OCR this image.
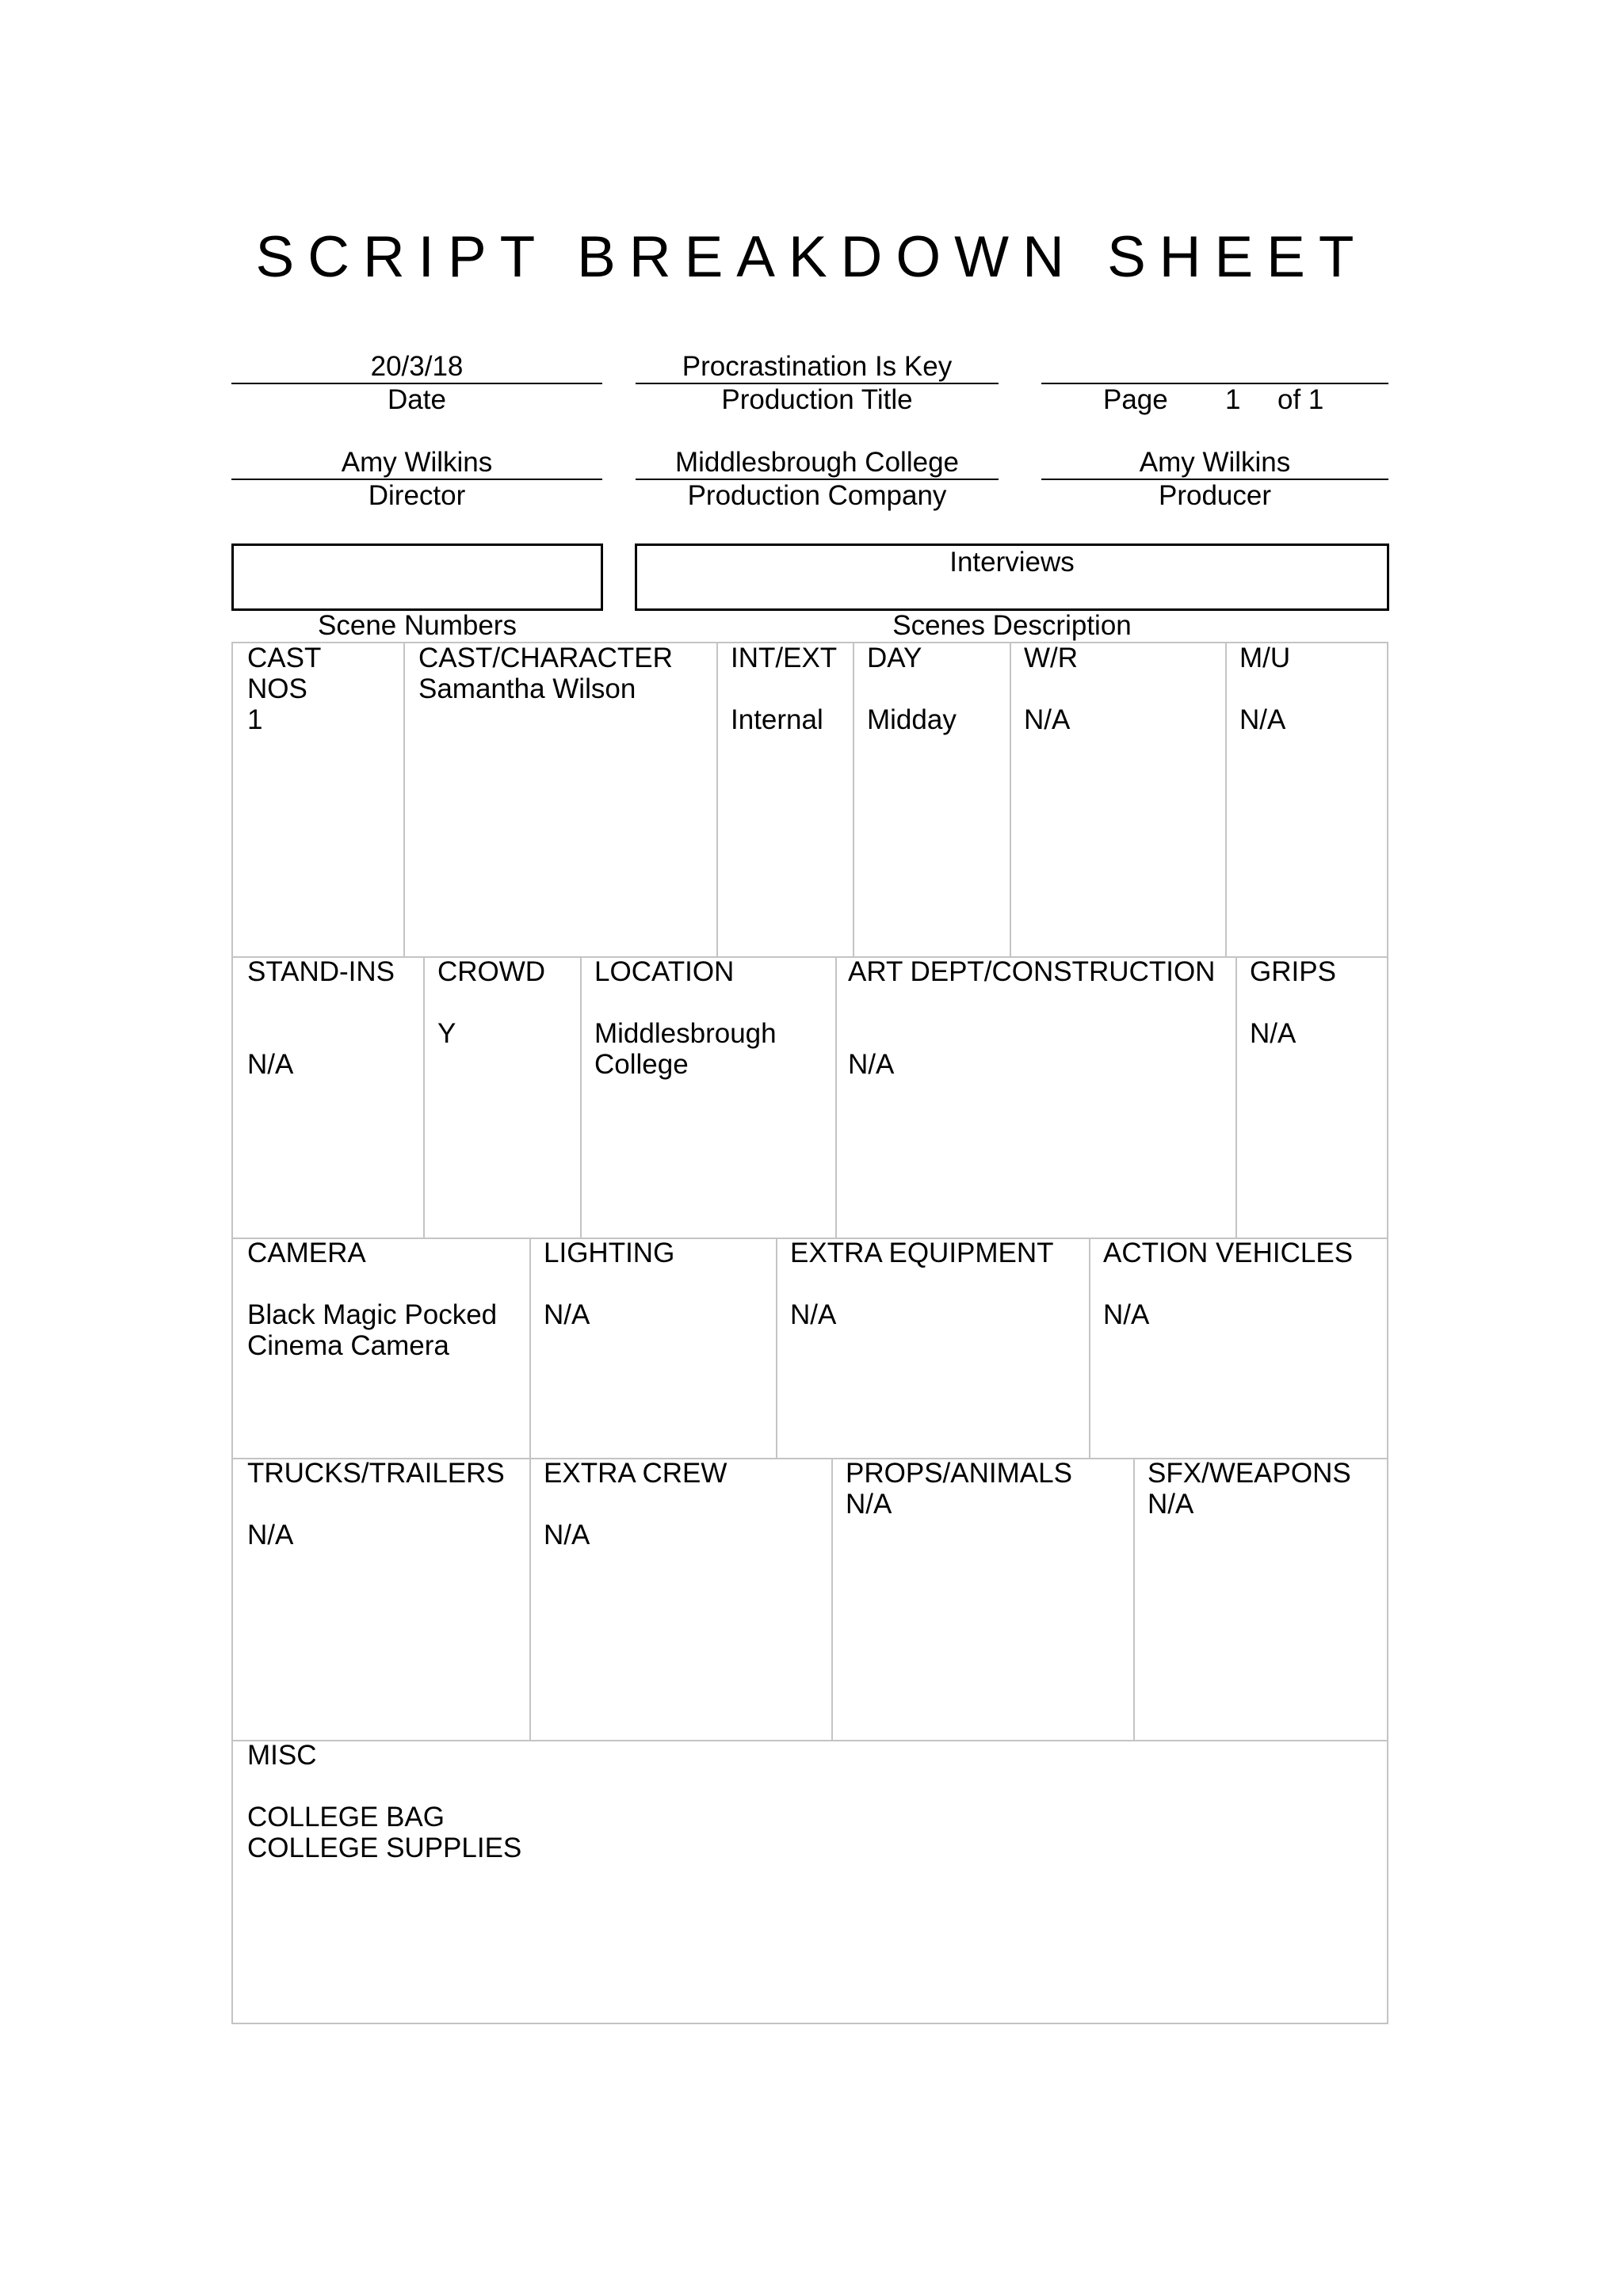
SCRIPT BREAKDOWN SHEET
20/3/18
Date
Procrastination Is Key
Production Title	Page 1 of 1
Amy Wilkins
Director
Middlesbrough College
Production Company
Amy Wilkins
Producer
Scene Numbers
Interviews
Scenes Description
CAST
NOS
1
CAST/CHARACTER
Samantha Wilson
INT/EXT
Internal
DAY
Midday
W/R
N/A
M/U
N/A
STAND-INS
N/A
CROWD
Y
LOCATION
Middlesbrough
College
ART DEPT/CONSTRUCTION
N/A
GRIPS
N/A
CAMERA
Black Magic Pocked
Cinema Camera
LIGHTING
N/A
EXTRA EQUIPMENT
N/A
ACTION VEHICLES
N/A
TRUCKS/TRAILERS
N/A
EXTRA CREW
N/A
PROPS/ANIMALS
N/A
SFX/WEAPONS
N/A
MISC
COLLEGE BAG
COLLEGE SUPPLIES
